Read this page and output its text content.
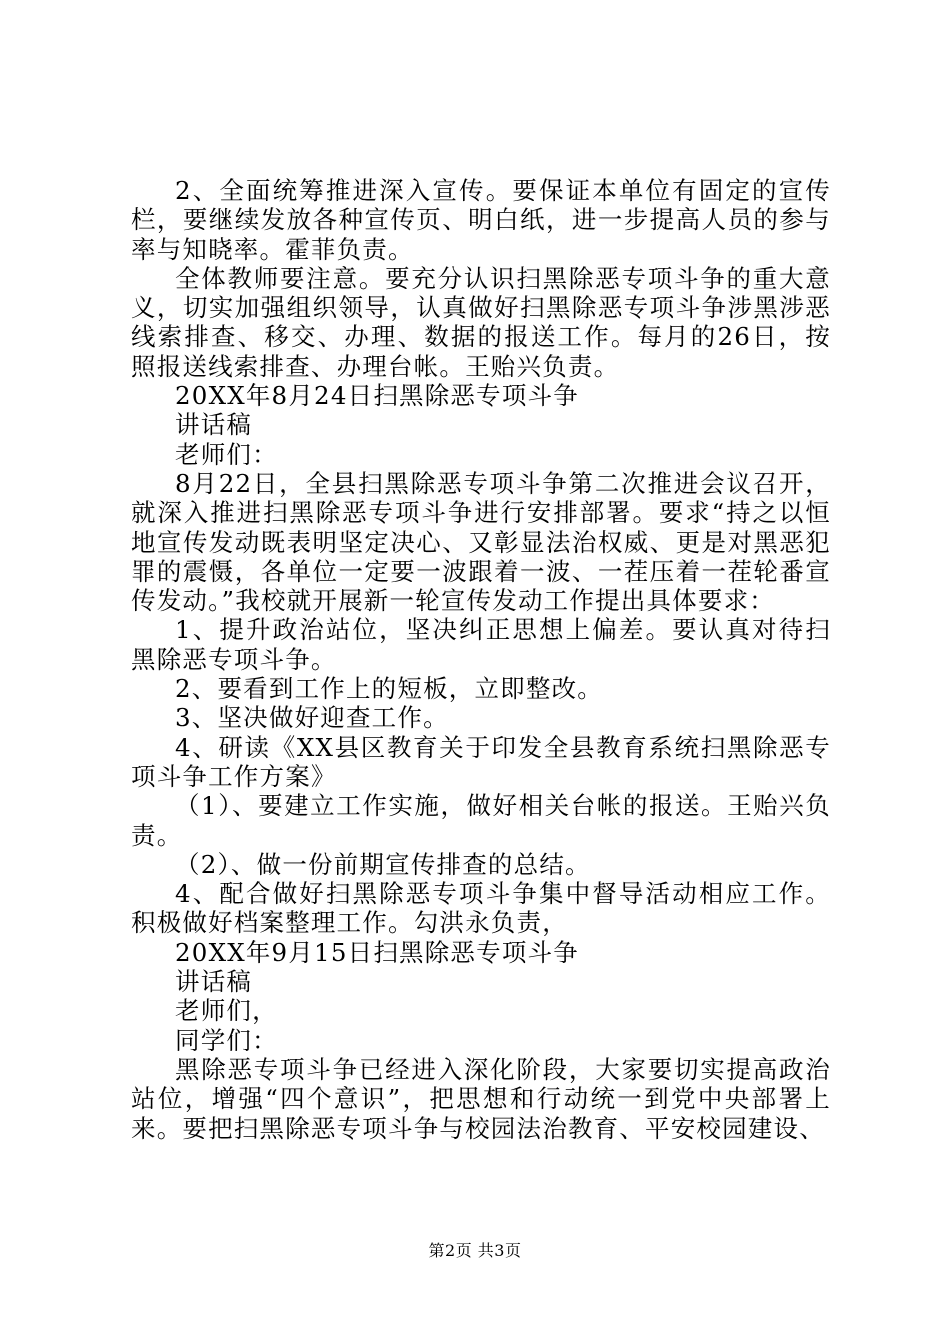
2、全面统筹推进深入宣传。要保证本单位有固定的宣传栏，要继续发放各种宣传页、明白纸，进一步提高人员的参与率与知晓率。霍菲负责。

全体教师要注意。要充分认识扫黑除恶专项斗争的重大意义，切实加强组织领导，认真做好扫黑除恶专项斗争涉黑涉恶线索排查、移交、办理、数据的报送工作。每月的26日，按照报送线索排查、办理台帐。王贻兴负责。

20XX年8月24日扫黑除恶专项斗争

讲话稿

老师们：

8月22日，全县扫黑除恶专项斗争第二次推进会议召开，就深入推进扫黑除恶专项斗争进行安排部署。要求“持之以恒地宣传发动既表明坚定决心、又彰显法治权威、更是对黑恶犯罪的震慑，各单位一定要一波跟着一波、一茬压着一茬轮番宣传发动。”我校就开展新一轮宣传发动工作提出具体要求：

1、提升政治站位，坚决纠正思想上偏差。要认真对待扫黑除恶专项斗争。

2、要看到工作上的短板，立即整改。

3、坚决做好迎查工作。

4、研读《XX县区教育关于印发全县教育系统扫黑除恶专项斗争工作方案》

（1）、要建立工作实施，做好相关台帐的报送。王贻兴负责。

（2）、做一份前期宣传排查的总结。

4、配合做好扫黑除恶专项斗争集中督导活动相应工作。积极做好档案整理工作。勾洪永负责，

20XX年9月15日扫黑除恶专项斗争

讲话稿

老师们，

同学们：

黑除恶专项斗争已经进入深化阶段，大家要切实提高政治站位，增强“四个意识”，把思想和行动统一到党中央部署上来。要把扫黑除恶专项斗争与校园法治教育、平安校园建设、

第2页 共3页
